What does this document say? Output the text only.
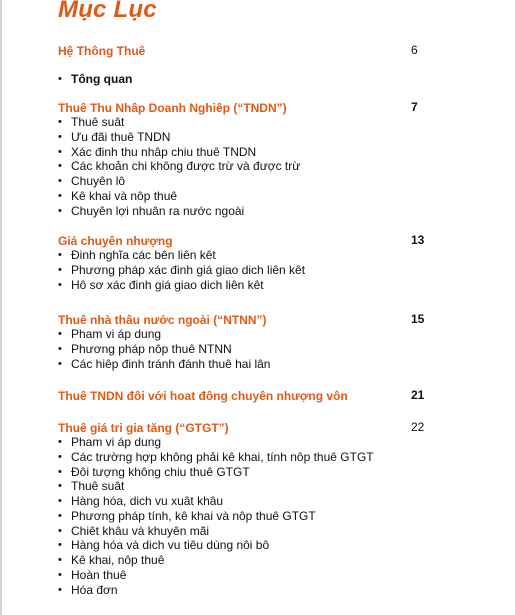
Mục Lục
Hệ Thông Thuê	6
• Tông quan
Thuê Thu Nhâp Doanh Nghiêp (“TNDN”)	7
• Thuê suât
• Ưu đãi thuê TNDN
• Xác đinh thu nhâp chiu thuê TNDN
• Các khoản chi không được trừ và được trừ
• Chuyên lô
• Kê khai và nôp thuê
• Chuyên lợi nhuân ra nước ngoài
Giá chuyên nhượng	13
• Đinh nghĩa các bên liên kêt
• Phương pháp xác đinh giá giao dich liên kêt
• Hô sơ xác đinh giá giao dich liên kêt
Thuê nhà thâu nước ngoài (“NTNN”)	15
• Pham vi áp dung
• Phương pháp nôp thuê NTNN
• Các hiêp đinh tránh đánh thuê hai lân
Thuê TNDN đôi với hoat đông chuyên nhượng vôn	21
Thuê giá tri gia tăng (“GTGT”)	22
• Pham vi áp dung
• Các trường hợp không phải kê khai, tính nôp thuê GTGT
• Đôi tượng không chiu thuê GTGT
• Thuê suât
• Hàng hóa, dich vu xuât khâu
• Phương pháp tính, kê khai và nôp thuê GTGT
• Chiêt khâu và khuyên mãi
• Hàng hóa và dich vu tiêu dùng nôi bô
• Kê khai, nôp thuê
• Hoàn thuê
• Hóa đơn
